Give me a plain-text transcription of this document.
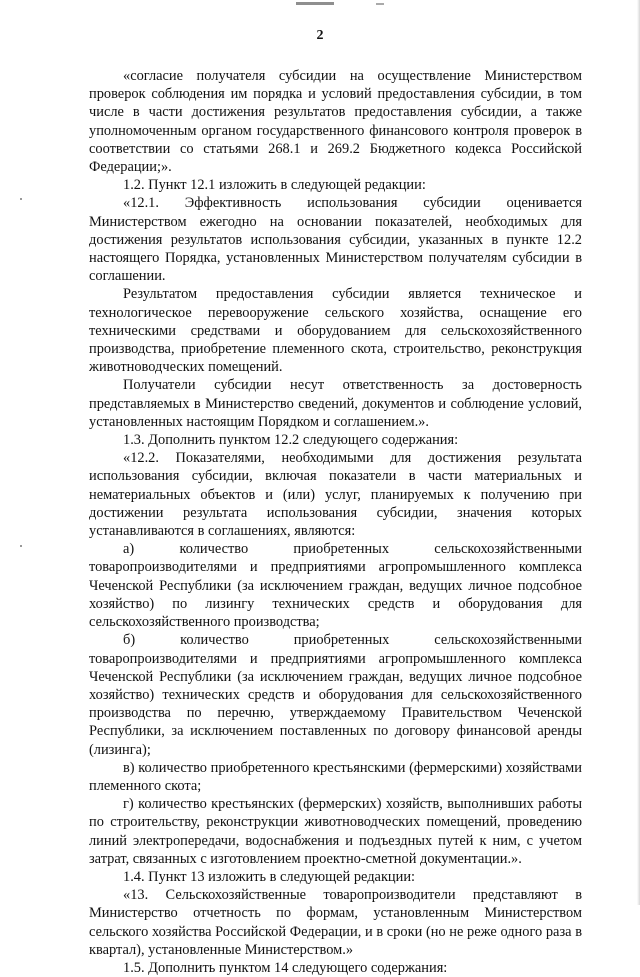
2

«согласие получателя субсидии на осуществление Министерством проверок соблюдения им порядка и условий предоставления субсидии, в том числе в части достижения результатов предоставления субсидии, а также уполномоченным органом государственного финансового контроля проверок в соответствии со статьями 268.1 и 269.2 Бюджетного кодекса Российской Федерации;».

1.2. Пункт 12.1 изложить в следующей редакции:

«12.1. Эффективность использования субсидии оценивается Министерством ежегодно на основании показателей, необходимых для достижения результатов использования субсидии, указанных в пункте 12.2 настоящего Порядка, установленных Министерством получателям субсидии в соглашении.

Результатом предоставления субсидии является техническое и технологическое перевооружение сельского хозяйства, оснащение его техническими средствами и оборудованием для сельскохозяйственного производства, приобретение племенного скота, строительство, реконструкция животноводческих помещений.

Получатели субсидии несут ответственность за достоверность представляемых в Министерство сведений, документов и соблюдение условий, установленных настоящим Порядком и соглашением.».

1.3. Дополнить пунктом 12.2 следующего содержания:

«12.2. Показателями, необходимыми для достижения результата использования субсидии, включая показатели в части материальных и нематериальных объектов и (или) услуг, планируемых к получению при достижении результата использования субсидии, значения которых устанавливаются в соглашениях, являются:

а) количество приобретенных сельскохозяйственными товаропроизводителями и предприятиями агропромышленного комплекса Чеченской Республики (за исключением граждан, ведущих личное подсобное хозяйство) по лизингу технических средств и оборудования для сельскохозяйственного производства;

б) количество приобретенных сельскохозяйственными товаропроизводителями и предприятиями агропромышленного комплекса Чеченской Республики (за исключением граждан, ведущих личное подсобное хозяйство) технических средств и оборудования для сельскохозяйственного производства по перечню, утверждаемому Правительством Чеченской Республики, за исключением поставленных по договору финансовой аренды (лизинга);

в) количество приобретенного крестьянскими (фермерскими) хозяйствами племенного скота;

г) количество крестьянских (фермерских) хозяйств, выполнивших работы по строительству, реконструкции животноводческих помещений, проведению линий электропередачи, водоснабжения и подъездных путей к ним, с учетом затрат, связанных с изготовлением проектно-сметной документации.».

1.4. Пункт 13 изложить в следующей редакции:

«13. Сельскохозяйственные товаропроизводители представляют в Министерство отчетность по формам, установленным Министерством сельского хозяйства Российской Федерации, и в сроки (но не реже одного раза в квартал), установленные Министерством.»

1.5. Дополнить пунктом 14 следующего содержания:
